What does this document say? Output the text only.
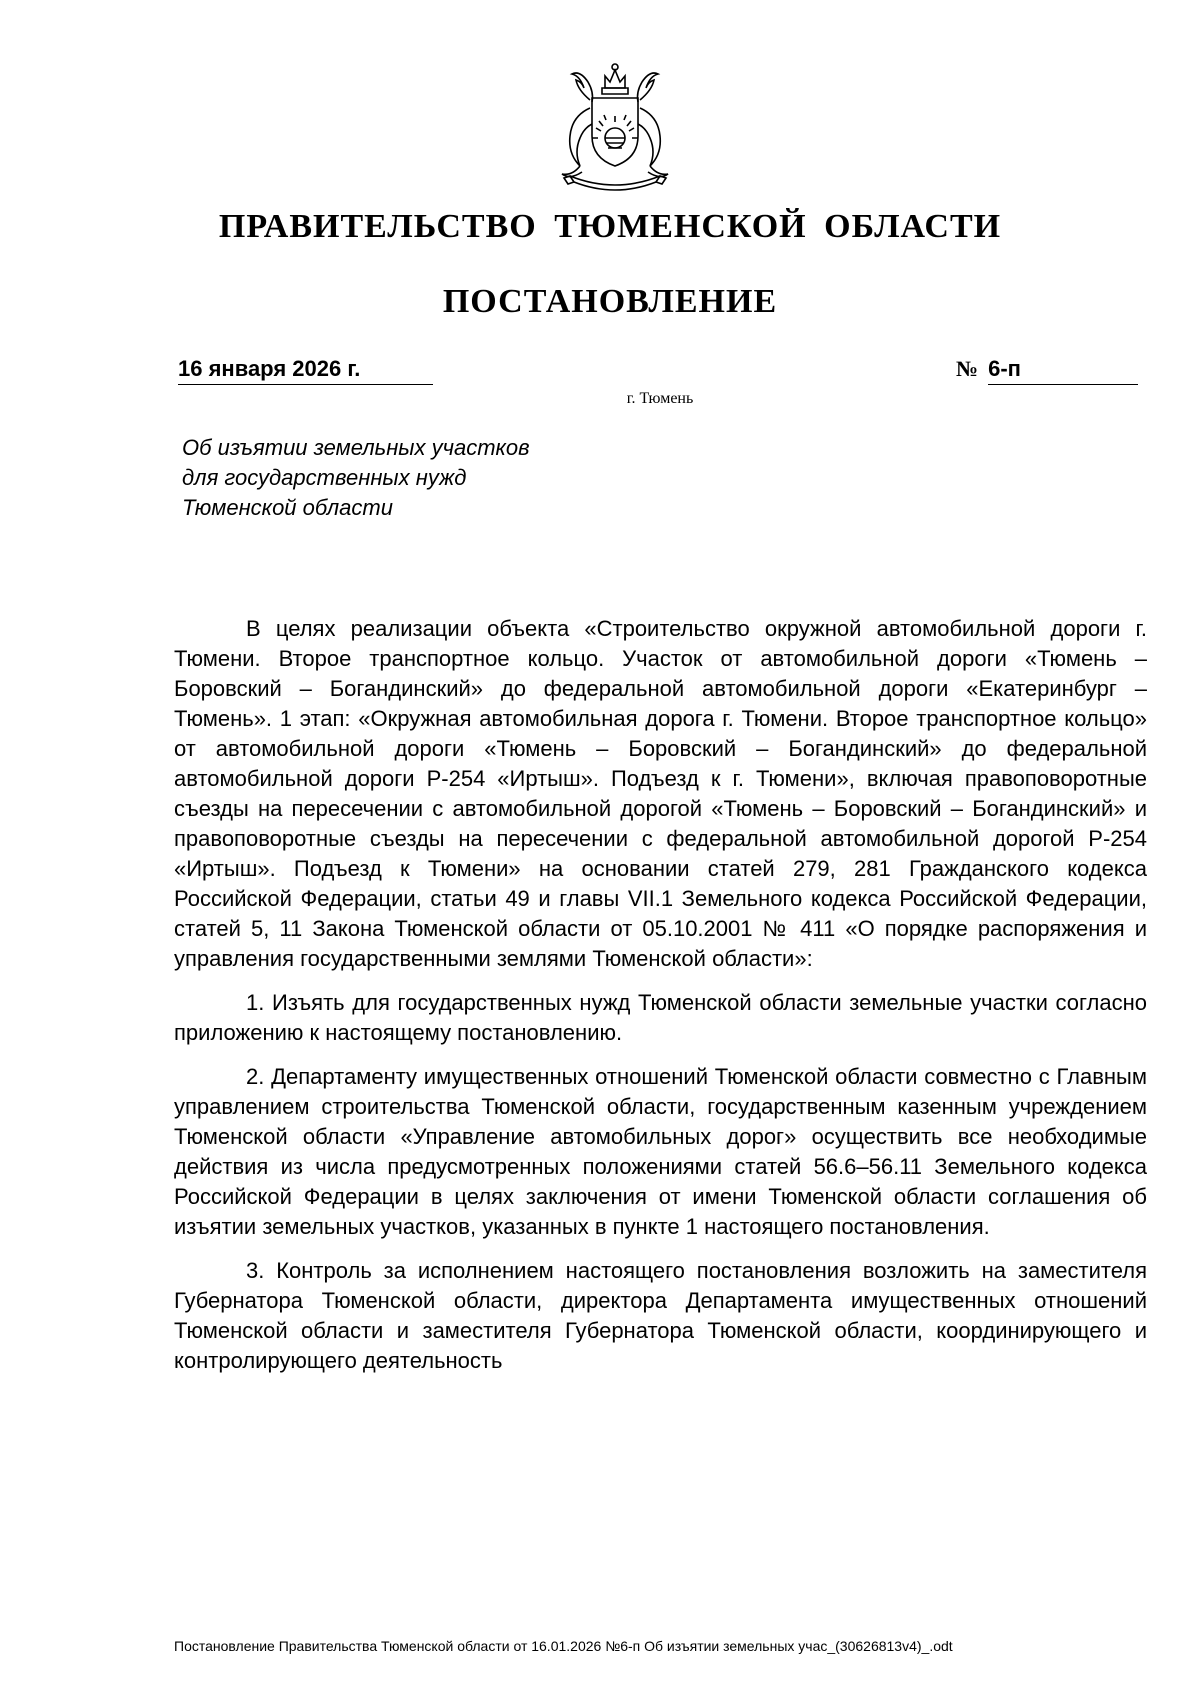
ПРАВИТЕЛЬСТВО ТЮМЕНСКОЙ ОБЛАСТИ
ПОСТАНОВЛЕНИЕ
16 января 2026 г.	№ 6-п
г. Тюмень
Об изъятии земельных участков
для государственных нужд
Тюменской области

В целях реализации объекта «Строительство окружной автомобильной дороги г. Тюмени. Второе транспортное кольцо. Участок от автомобильной дороги «Тюмень – Боровский – Богандинский» до федеральной автомобильной дороги «Екатеринбург – Тюмень». 1 этап: «Окружная автомобильная дорога г. Тюмени. Второе транспортное кольцо» от автомобильной дороги «Тюмень – Боровский – Богандинский» до федеральной автомобильной дороги Р-254 «Иртыш». Подъезд к г. Тюмени», включая правоповоротные съезды на пересечении с автомобильной дорогой «Тюмень – Боровский – Богандинский» и правоповоротные съезды на пересечении с федеральной автомобильной дорогой Р-254 «Иртыш». Подъезд к Тюмени» на основании статей 279, 281 Гражданского кодекса Российской Федерации, статьи 49 и главы VII.1 Земельного кодекса Российской Федерации, статей 5, 11 Закона Тюменской области от 05.10.2001 № 411 «О порядке распоряжения и управления государственными землями Тюменской области»:

1. Изъять для государственных нужд Тюменской области земельные участки согласно приложению к настоящему постановлению.

2. Департаменту имущественных отношений Тюменской области совместно с Главным управлением строительства Тюменской области, государственным казенным учреждением Тюменской области «Управление автомобильных дорог» осуществить все необходимые действия из числа предусмотренных положениями статей 56.6–56.11 Земельного кодекса Российской Федерации в целях заключения от имени Тюменской области соглашения об изъятии земельных участков, указанных в пункте 1 настоящего постановления.

3. Контроль за исполнением настоящего постановления возложить на заместителя Губернатора Тюменской области, директора Департамента имущественных отношений Тюменской области и заместителя Губернатора Тюменской области, координирующего и контролирующего деятельность

Постановление Правительства Тюменской области от 16.01.2026 №6-п Об изъятии земельных учас_(30626813v4)_.odt
